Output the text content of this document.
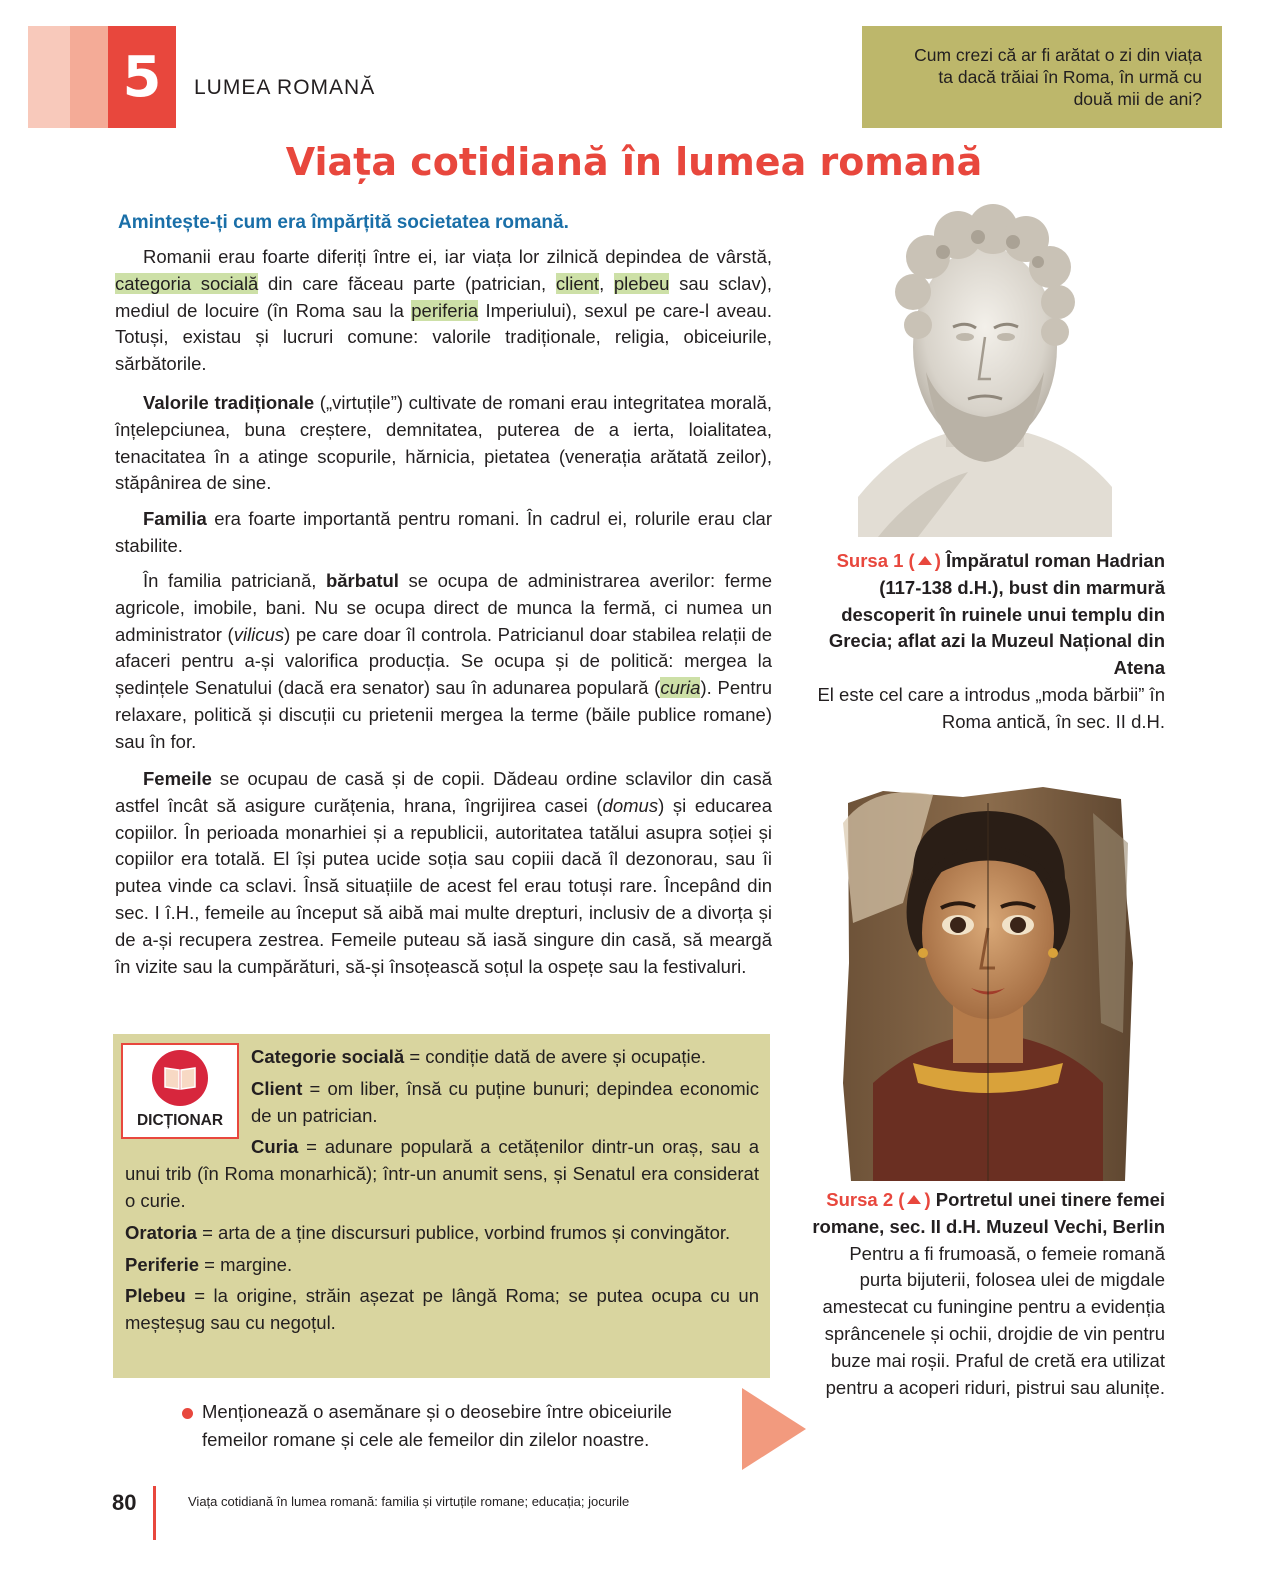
5	LUMEA ROMANĂ
Cum crezi că ar fi arătat o zi din viața ta dacă trăiai în Roma, în urmă cu două mii de ani?
Viața cotidiană în lumea romană
Amintește-ți cum era împărțită societatea romană.

Romanii erau foarte diferiți între ei, iar viața lor zilnică depindea de vârstă, categoria socială din care făceau parte (patrician, client, plebeu sau sclav), mediul de locuire (în Roma sau la periferia Imperiului), sexul pe care-l aveau. Totuși, existau și lucruri comune: valorile tradiționale, religia, obiceiurile, sărbătorile.

Valorile tradiționale („virtuțile”) cultivate de romani erau integritatea morală, înțelepciunea, buna creștere, demnitatea, puterea de a ierta, loialitatea, tenacitatea în a atinge scopurile, hărnicia, pietatea (venerația arătată zeilor), stăpânirea de sine.

Familia era foarte importantă pentru romani. În cadrul ei, rolurile erau clar stabilite.

În familia patriciană, bărbatul se ocupa de administrarea averilor: ferme agricole, imobile, bani. Nu se ocupa direct de munca la fermă, ci numea un administrator (vilicus) pe care doar îl controla. Patricianul doar stabilea relații de afaceri pentru a-și valorifica producția. Se ocupa și de politică: mergea la ședințele Senatului (dacă era senator) sau în adunarea populară (curia). Pentru relaxare, politică și discuții cu prietenii mergea la terme (băile publice romane) sau în for.

Femeile se ocupau de casă și de copii. Dădeau ordine sclavilor din casă astfel încât să asigure curățenia, hrana, îngrijirea casei (domus) și educarea copiilor. În perioada monarhiei și a republicii, autoritatea tatălui asupra soției și copiilor era totală. El își putea ucide soția sau copiii dacă îl dezonorau, sau îi putea vinde ca sclavi. Însă situațiile de acest fel erau totuși rare. Începând din sec. I î.H., femeile au început să aibă mai multe drepturi, inclusiv de a divorța și de a-și recupera zestrea. Femeile puteau să iasă singure din casă, să meargă în vizite sau la cumpărături, să-și însoțească soțul la ospețe sau la festivaluri.

DICȚIONAR

Categorie socială = condiție dată de avere și ocupație.

Client = om liber, însă cu puține bunuri; depindea economic de un patrician.

Curia = adunare populară a cetățenilor dintr-un oraș, sau a unui trib (în Roma monarhică); într-un anumit sens, și Senatul era considerat o curie.

Oratoria = arta de a ține discursuri publice, vorbind frumos și convingător.

Periferie = margine.

Plebeu = la origine, străin așezat pe lângă Roma; se putea ocupa cu un meșteșug sau cu negoțul.

Menționează o asemănare și o deosebire între obiceiurile femeilor romane și cele ale femeilor din zilelor noastre.
Sursa 1 ( ) Împăratul roman Hadrian (117-138 d.H.), bust din marmură descoperit în ruinele unui templu din Grecia; aflat azi la Muzeul Național din Atena
El este cel care a introdus „moda bărbii” în Roma antică, în sec. II d.H.
Sursa 2 ( ) Portretul unei tinere femei romane, sec. II d.H. Muzeul Vechi, Berlin
Pentru a fi frumoasă, o femeie romană purta bijuterii, folosea ulei de migdale amestecat cu funingine pentru a evidenția sprâncenele și ochii, drojdie de vin pentru buze mai roșii. Praful de cretă era utilizat pentru a acoperi riduri, pistrui sau alunițe.
80	Viața cotidiană în lumea romană: familia și virtuțile romane; educația; jocurile
